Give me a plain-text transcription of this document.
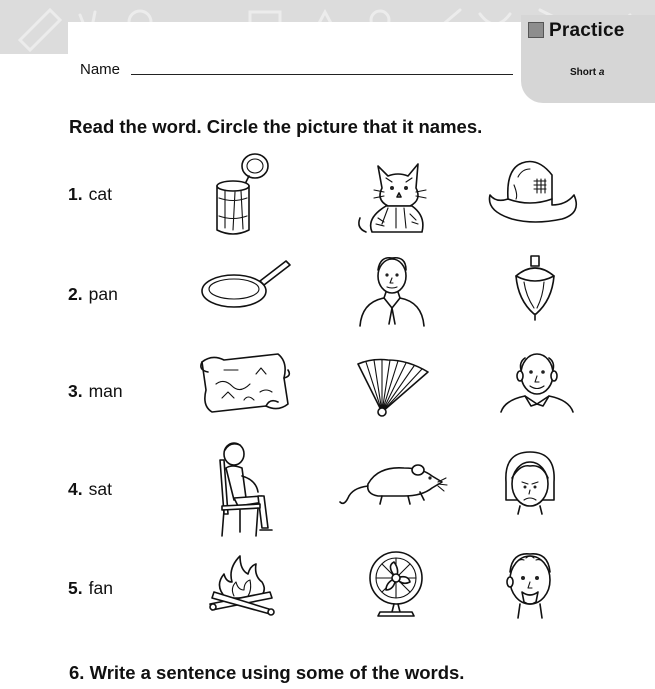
Practice
Short a
Name
Read the word. Circle the picture that it names.
1. cat
2. pan
3. man
4. sat
5. fan
6. Write a sentence using some of the words.
